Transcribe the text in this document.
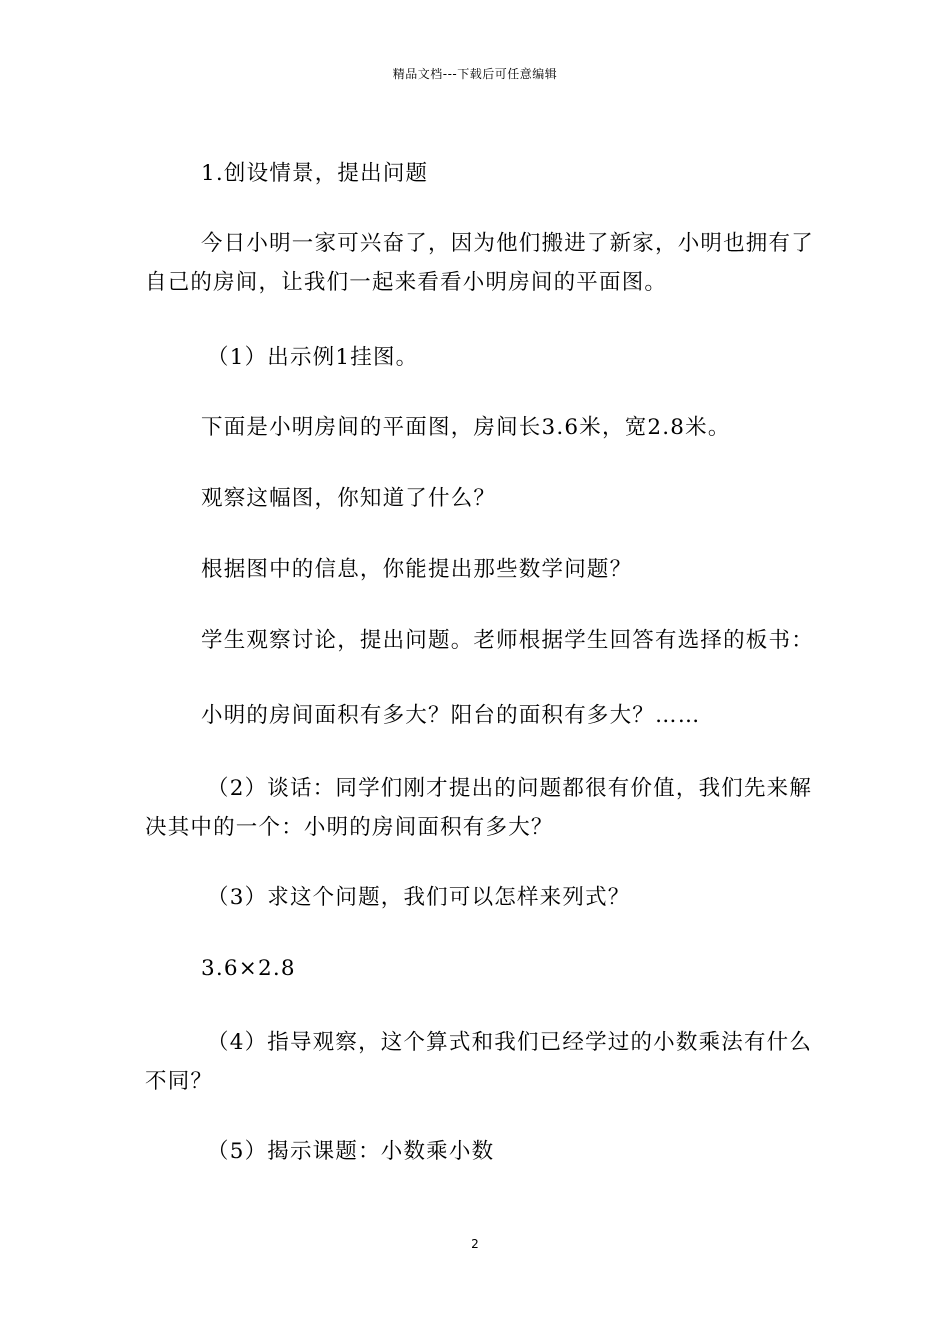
精品文档---下载后可任意编辑
1.创设情景，提出问题
今日小明一家可兴奋了，因为他们搬进了新家，小明也拥有了
自己的房间，让我们一起来看看小明房间的平面图。
（1）出示例1挂图。
下面是小明房间的平面图，房间长3.6米，宽2.8米。
观察这幅图，你知道了什么？
根据图中的信息，你能提出那些数学问题？
学生观察讨论，提出问题。老师根据学生回答有选择的板书：
小明的房间面积有多大？阳台的面积有多大？……
（2）谈话：同学们刚才提出的问题都很有价值，我们先来解
决其中的一个：小明的房间面积有多大？
（3）求这个问题，我们可以怎样来列式？
3.6×2.8
（4）指导观察，这个算式和我们已经学过的小数乘法有什么
不同？
（5）揭示课题：小数乘小数
2
